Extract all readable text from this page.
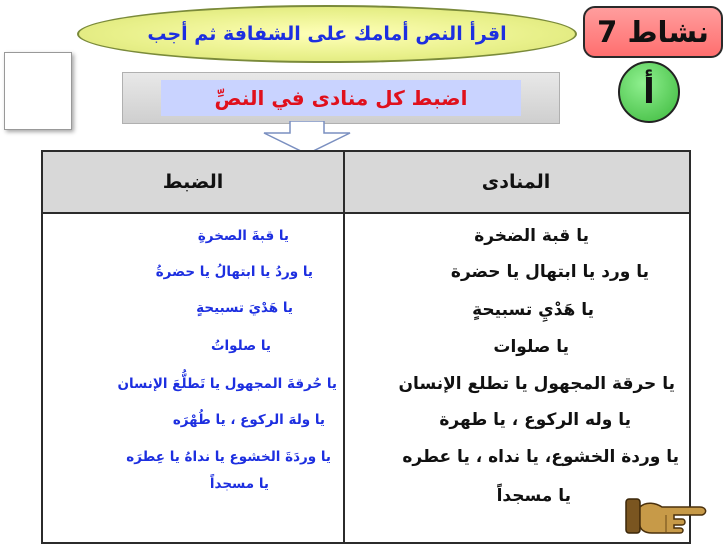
نشاط 7
اقرأ النص أمامك على الشفافة ثم أجب
اضبط كل منادى في النصِّ	أ
المنادى
الضبط
يا قبة الضخرة
يا ورد يا ابتهال يا حضرة
يا هَدْيِ تسبيحةٍ
يا صلوات
يا حرقة المجهول يا تطلع الإنسان
يا وله الركوع ، يا طهرة
يا وردة الخشوع، يا نداه ، يا عطره
يا مسجداً
يا قبةَ الصخرةِ
يا وردُ يا ابتهالُ يا حضرةُ
يا هَدْيَ تسبيحةٍ
يا صلواتُ
يا حُرقةَ المجهول يا تَطلُّعَ الإنسان
يا ولهَ الركوع ، يا طُهْرَه
يا وردَةَ الخشوع يا نداهُ يا عِطرَه
يا مسجداً
